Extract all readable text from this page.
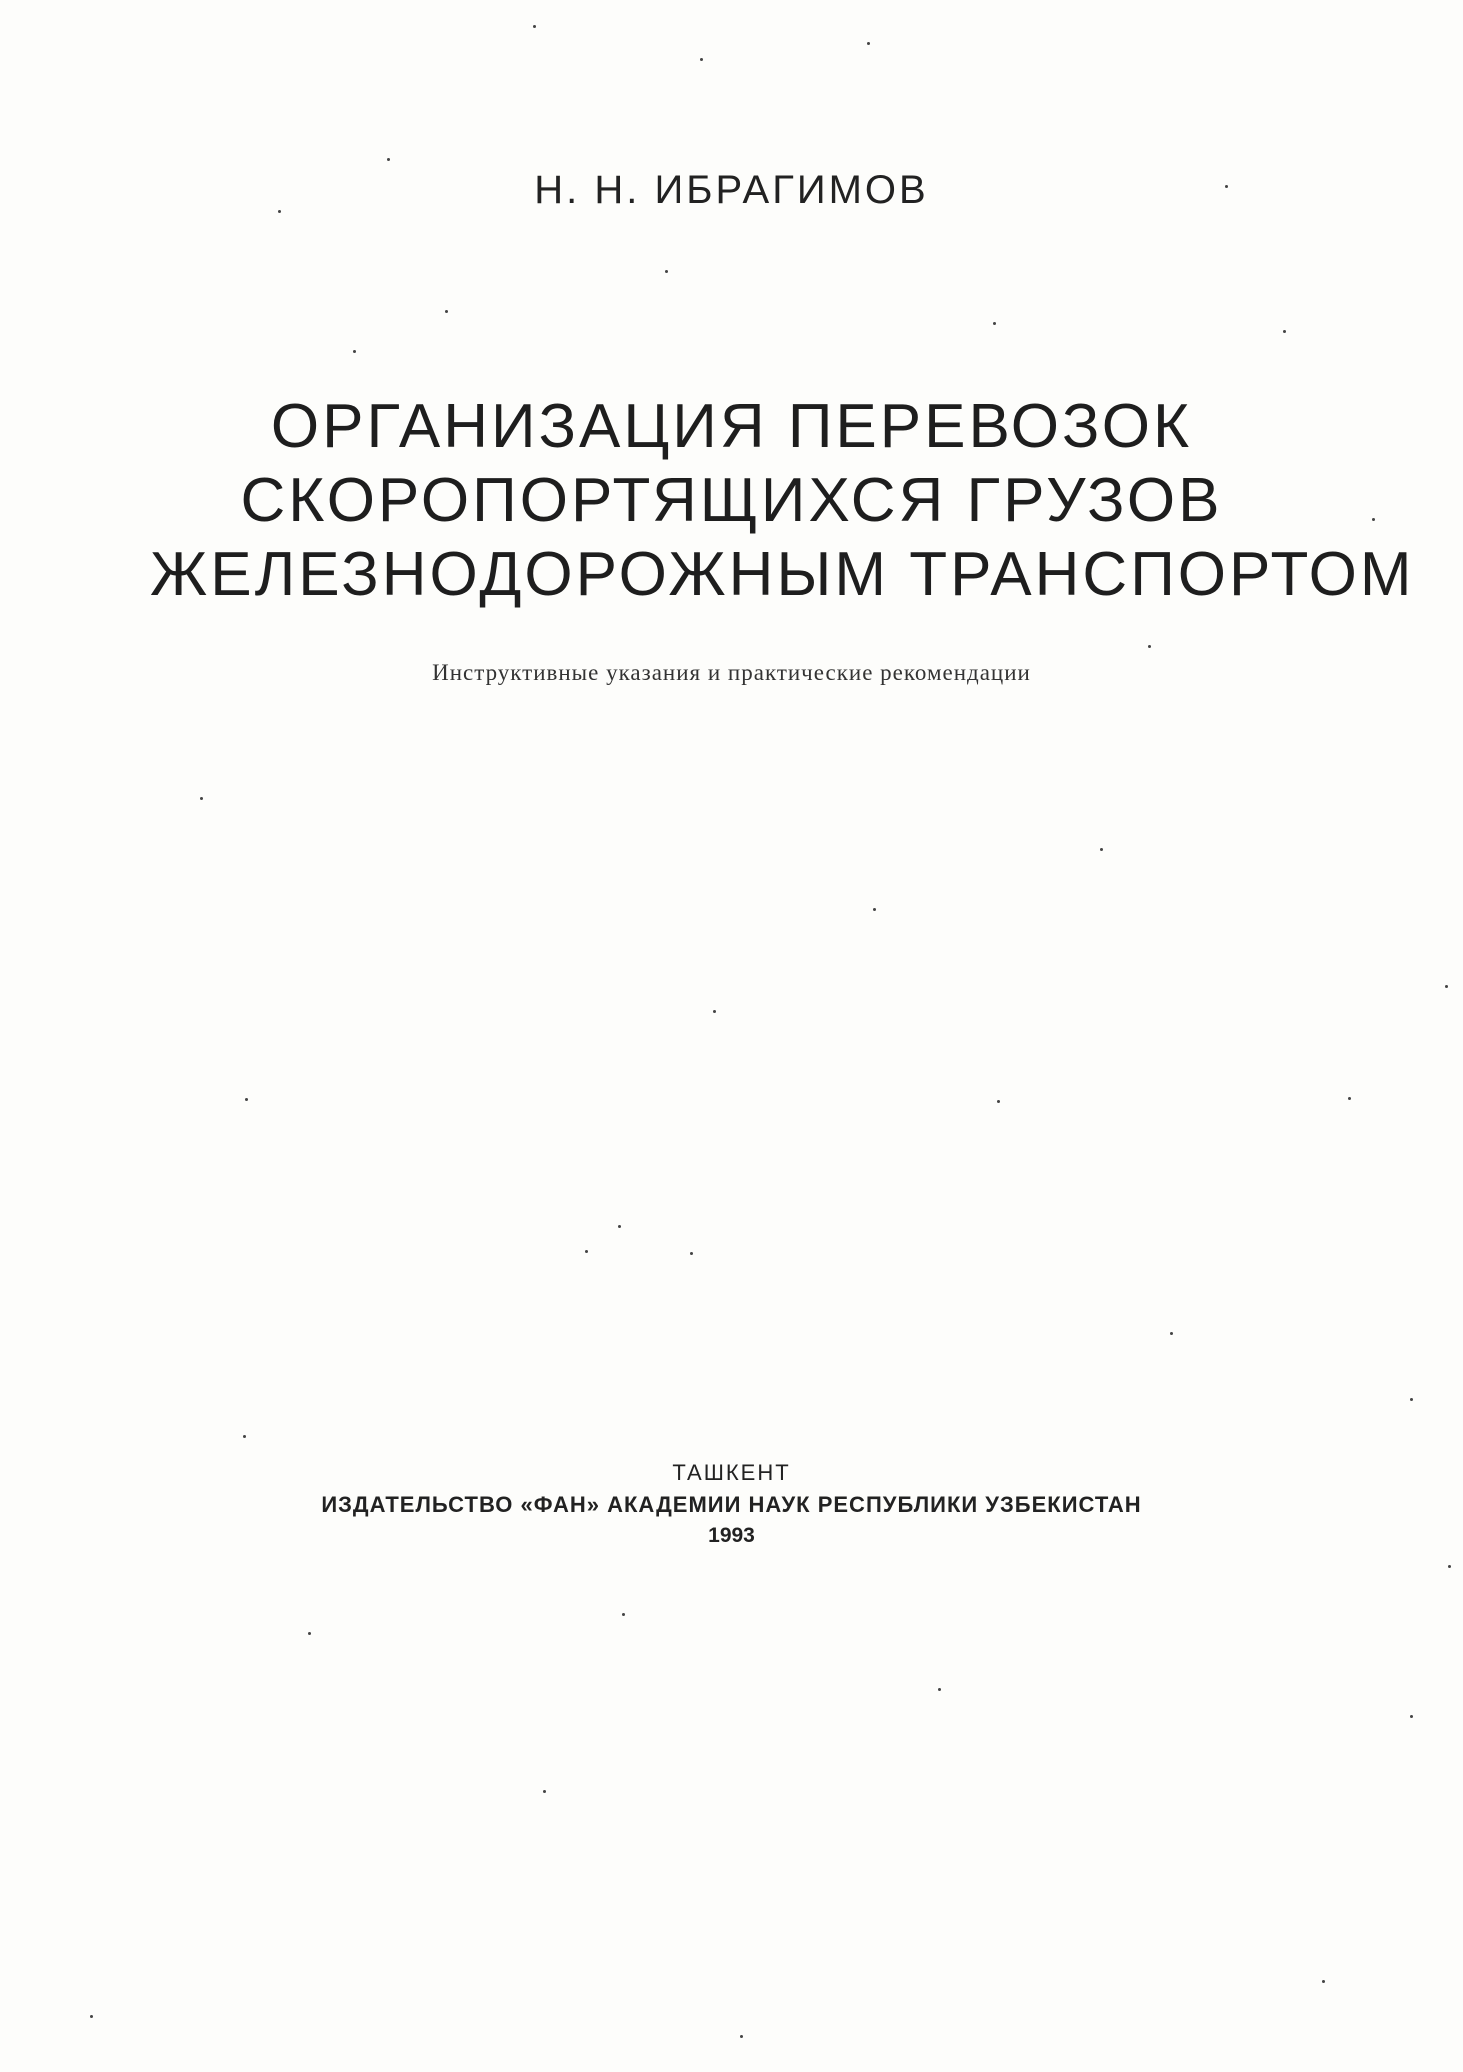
Н. Н. ИБРАГИМОВ
ОРГАНИЗАЦИЯ ПЕРЕВОЗОК
СКОРОПОРТЯЩИХСЯ ГРУЗОВ
ЖЕЛЕЗНОДОРОЖНЫМ ТРАНСПОРТОМ
Инструктивные указания и практические рекомендации
ТАШКЕНТ
ИЗДАТЕЛЬСТВО «ФАН» АКАДЕМИИ НАУК РЕСПУБЛИКИ УЗБЕКИСТАН
1993
